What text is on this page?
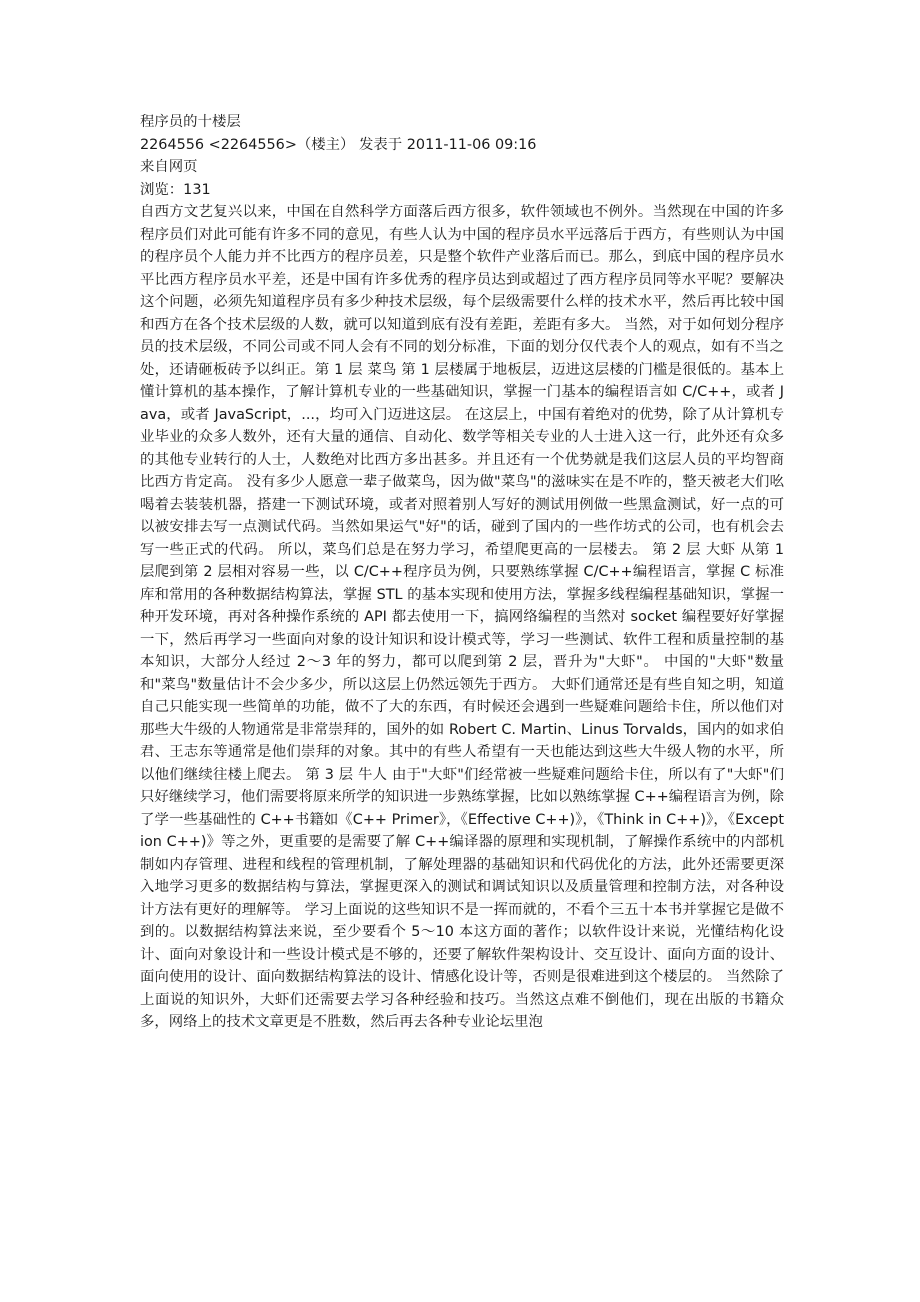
程序员的十楼层

2264556 <2264556>（楼主） 发表于 2011-11-06 09:16

来自网页

浏览：131

自西方文艺复兴以来，中国在自然科学方面落后西方很多，软件领域也不例外。当然现在中国的许多程序员们对此可能有许多不同的意见，有些人认为中国的程序员水平远落后于西方，有些则认为中国的程序员个人能力并不比西方的程序员差，只是整个软件产业落后而已。那么，到底中国的程序员水平比西方程序员水平差，还是中国有许多优秀的程序员达到或超过了西方程序员同等水平呢？要解决这个问题，必须先知道程序员有多少种技术层级，每个层级需要什么样的技术水平，然后再比较中国和西方在各个技术层级的人数，就可以知道到底有没有差距，差距有多大。 当然，对于如何划分程序员的技术层级，不同公司或不同人会有不同的划分标准，下面的划分仅代表个人的观点，如有不当之处，还请砸板砖予以纠正。第 1 层 菜鸟 第 1 层楼属于地板层，迈进这层楼的门槛是很低的。基本上懂计算机的基本操作，了解计算机专业的一些基础知识，掌握一门基本的编程语言如 C/C++，或者 Java，或者 JavaScript，...，均可入门迈进这层。 在这层上，中国有着绝对的优势，除了从计算机专业毕业的众多人数外，还有大量的通信、自动化、数学等相关专业的人士进入这一行，此外还有众多的其他专业转行的人士，人数绝对比西方多出甚多。并且还有一个优势就是我们这层人员的平均智商比西方肯定高。 没有多少人愿意一辈子做菜鸟，因为做"菜鸟"的滋味实在是不咋的，整天被老大们吆喝着去装装机器，搭建一下测试环境，或者对照着别人写好的测试用例做一些黑盒测试，好一点的可以被安排去写一点测试代码。当然如果运气"好"的话，碰到了国内的一些作坊式的公司，也有机会去写一些正式的代码。 所以，菜鸟们总是在努力学习，希望爬更高的一层楼去。 第 2 层 大虾 从第 1 层爬到第 2 层相对容易一些，以 C/C++程序员为例，只要熟练掌握 C/C++编程语言，掌握 C 标准库和常用的各种数据结构算法，掌握 STL 的基本实现和使用方法，掌握多线程编程基础知识，掌握一种开发环境，再对各种操作系统的 API 都去使用一下，搞网络编程的当然对 socket 编程要好好掌握一下，然后再学习一些面向对象的设计知识和设计模式等，学习一些测试、软件工程和质量控制的基本知识，大部分人经过 2～3 年的努力，都可以爬到第 2 层，晋升为"大虾"。 中国的"大虾"数量和"菜鸟"数量估计不会少多少，所以这层上仍然远领先于西方。 大虾们通常还是有些自知之明，知道自己只能实现一些简单的功能，做不了大的东西，有时候还会遇到一些疑难问题给卡住，所以他们对那些大牛级的人物通常是非常崇拜的，国外的如 Robert C. Martin、Linus Torvalds，国内的如求伯君、王志东等通常是他们崇拜的对象。其中的有些人希望有一天也能达到这些大牛级人物的水平，所以他们继续往楼上爬去。 第 3 层 牛人 由于"大虾"们经常被一些疑难问题给卡住，所以有了"大虾"们只好继续学习，他们需要将原来所学的知识进一步熟练掌握，比如以熟练掌握 C++编程语言为例，除了学一些基础性的 C++书籍如《C++ Primer》，《Effective C++)》，《Think in C++)》，《Exception C++)》等之外，更重要的是需要了解 C++编译器的原理和实现机制，了解操作系统中的内部机制如内存管理、进程和线程的管理机制，了解处理器的基础知识和代码优化的方法，此外还需要更深入地学习更多的数据结构与算法，掌握更深入的测试和调试知识以及质量管理和控制方法，对各种设计方法有更好的理解等。 学习上面说的这些知识不是一挥而就的，不看个三五十本书并掌握它是做不到的。以数据结构算法来说，至少要看个 5～10 本这方面的著作；以软件设计来说，光懂结构化设计、面向对象设计和一些设计模式是不够的，还要了解软件架构设计、交互设计、面向方面的设计、面向使用的设计、面向数据结构算法的设计、情感化设计等，否则是很难进到这个楼层的。 当然除了上面说的知识外，大虾们还需要去学习各种经验和技巧。当然这点难不倒他们，现在出版的书籍众多，网络上的技术文章更是不胜数，然后再去各种专业论坛里泡
